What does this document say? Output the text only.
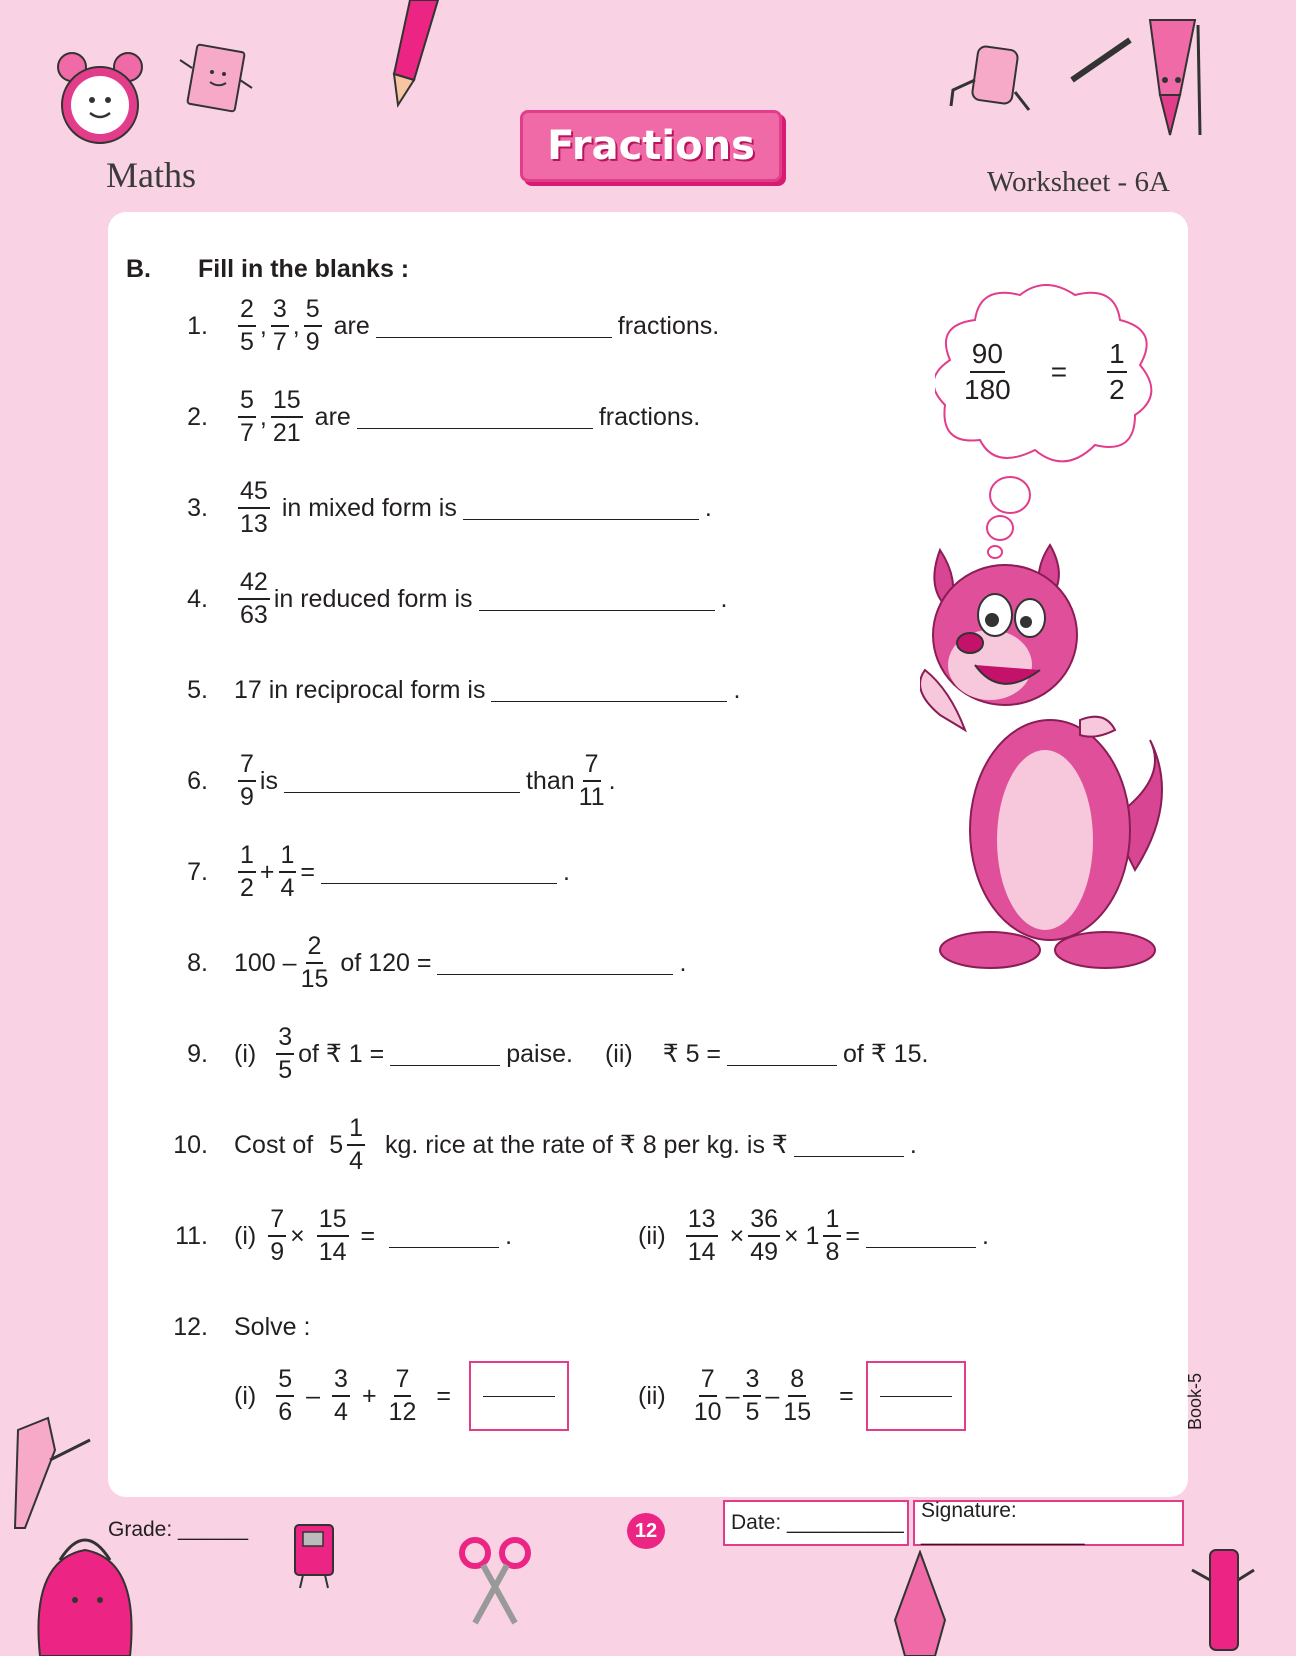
Maths
Fractions
Worksheet - 6A
B. Fill in the blanks :
1. $\frac{2}{5}$ , $\frac{3}{7}$ , $\frac{5}{9}$ are	fractions.
2. $\frac{5}{7}$ , $\frac{15}{21}$ are	fractions.
3. $\frac{45}{13}$ in mixed form is	.
4. $\frac{42}{63}$ in reduced form is	.
5. 17 in reciprocal form is	.
6. $\frac{7}{9}$ is	than $\frac{7}{11}$ .
7. $\frac{1}{2} + \frac{1}{4}$ =	.
8. $100 - \frac{2}{15}$ of 120 =	.
9. $(i) \frac{3}{5}$ of ₹ 1 =	paise. (ii) ₹ 5 =	of ₹ 15.
10. Cost of $5 \frac{1}{4}$ kg. rice at the rate of ₹ 8 per kg. is ₹	.
11. $(i) \frac{7}{9} \times \frac{15}{14}$ =	.	$(ii) \frac{13}{14} \times \frac{36}{49} \times 1 \frac{1}{8}$ =	.
12. Solve :
$(i) \frac{5}{6} - \frac{3}{4} + \frac{7}{12}$ =	$(ii) \frac{7}{10} - \frac{3}{5} - \frac{8}{15}$ =
$\frac{90}{180} = \frac{1}{2}$
Grade: ______	12	Date: __________
Signature: ______________
Book-5
